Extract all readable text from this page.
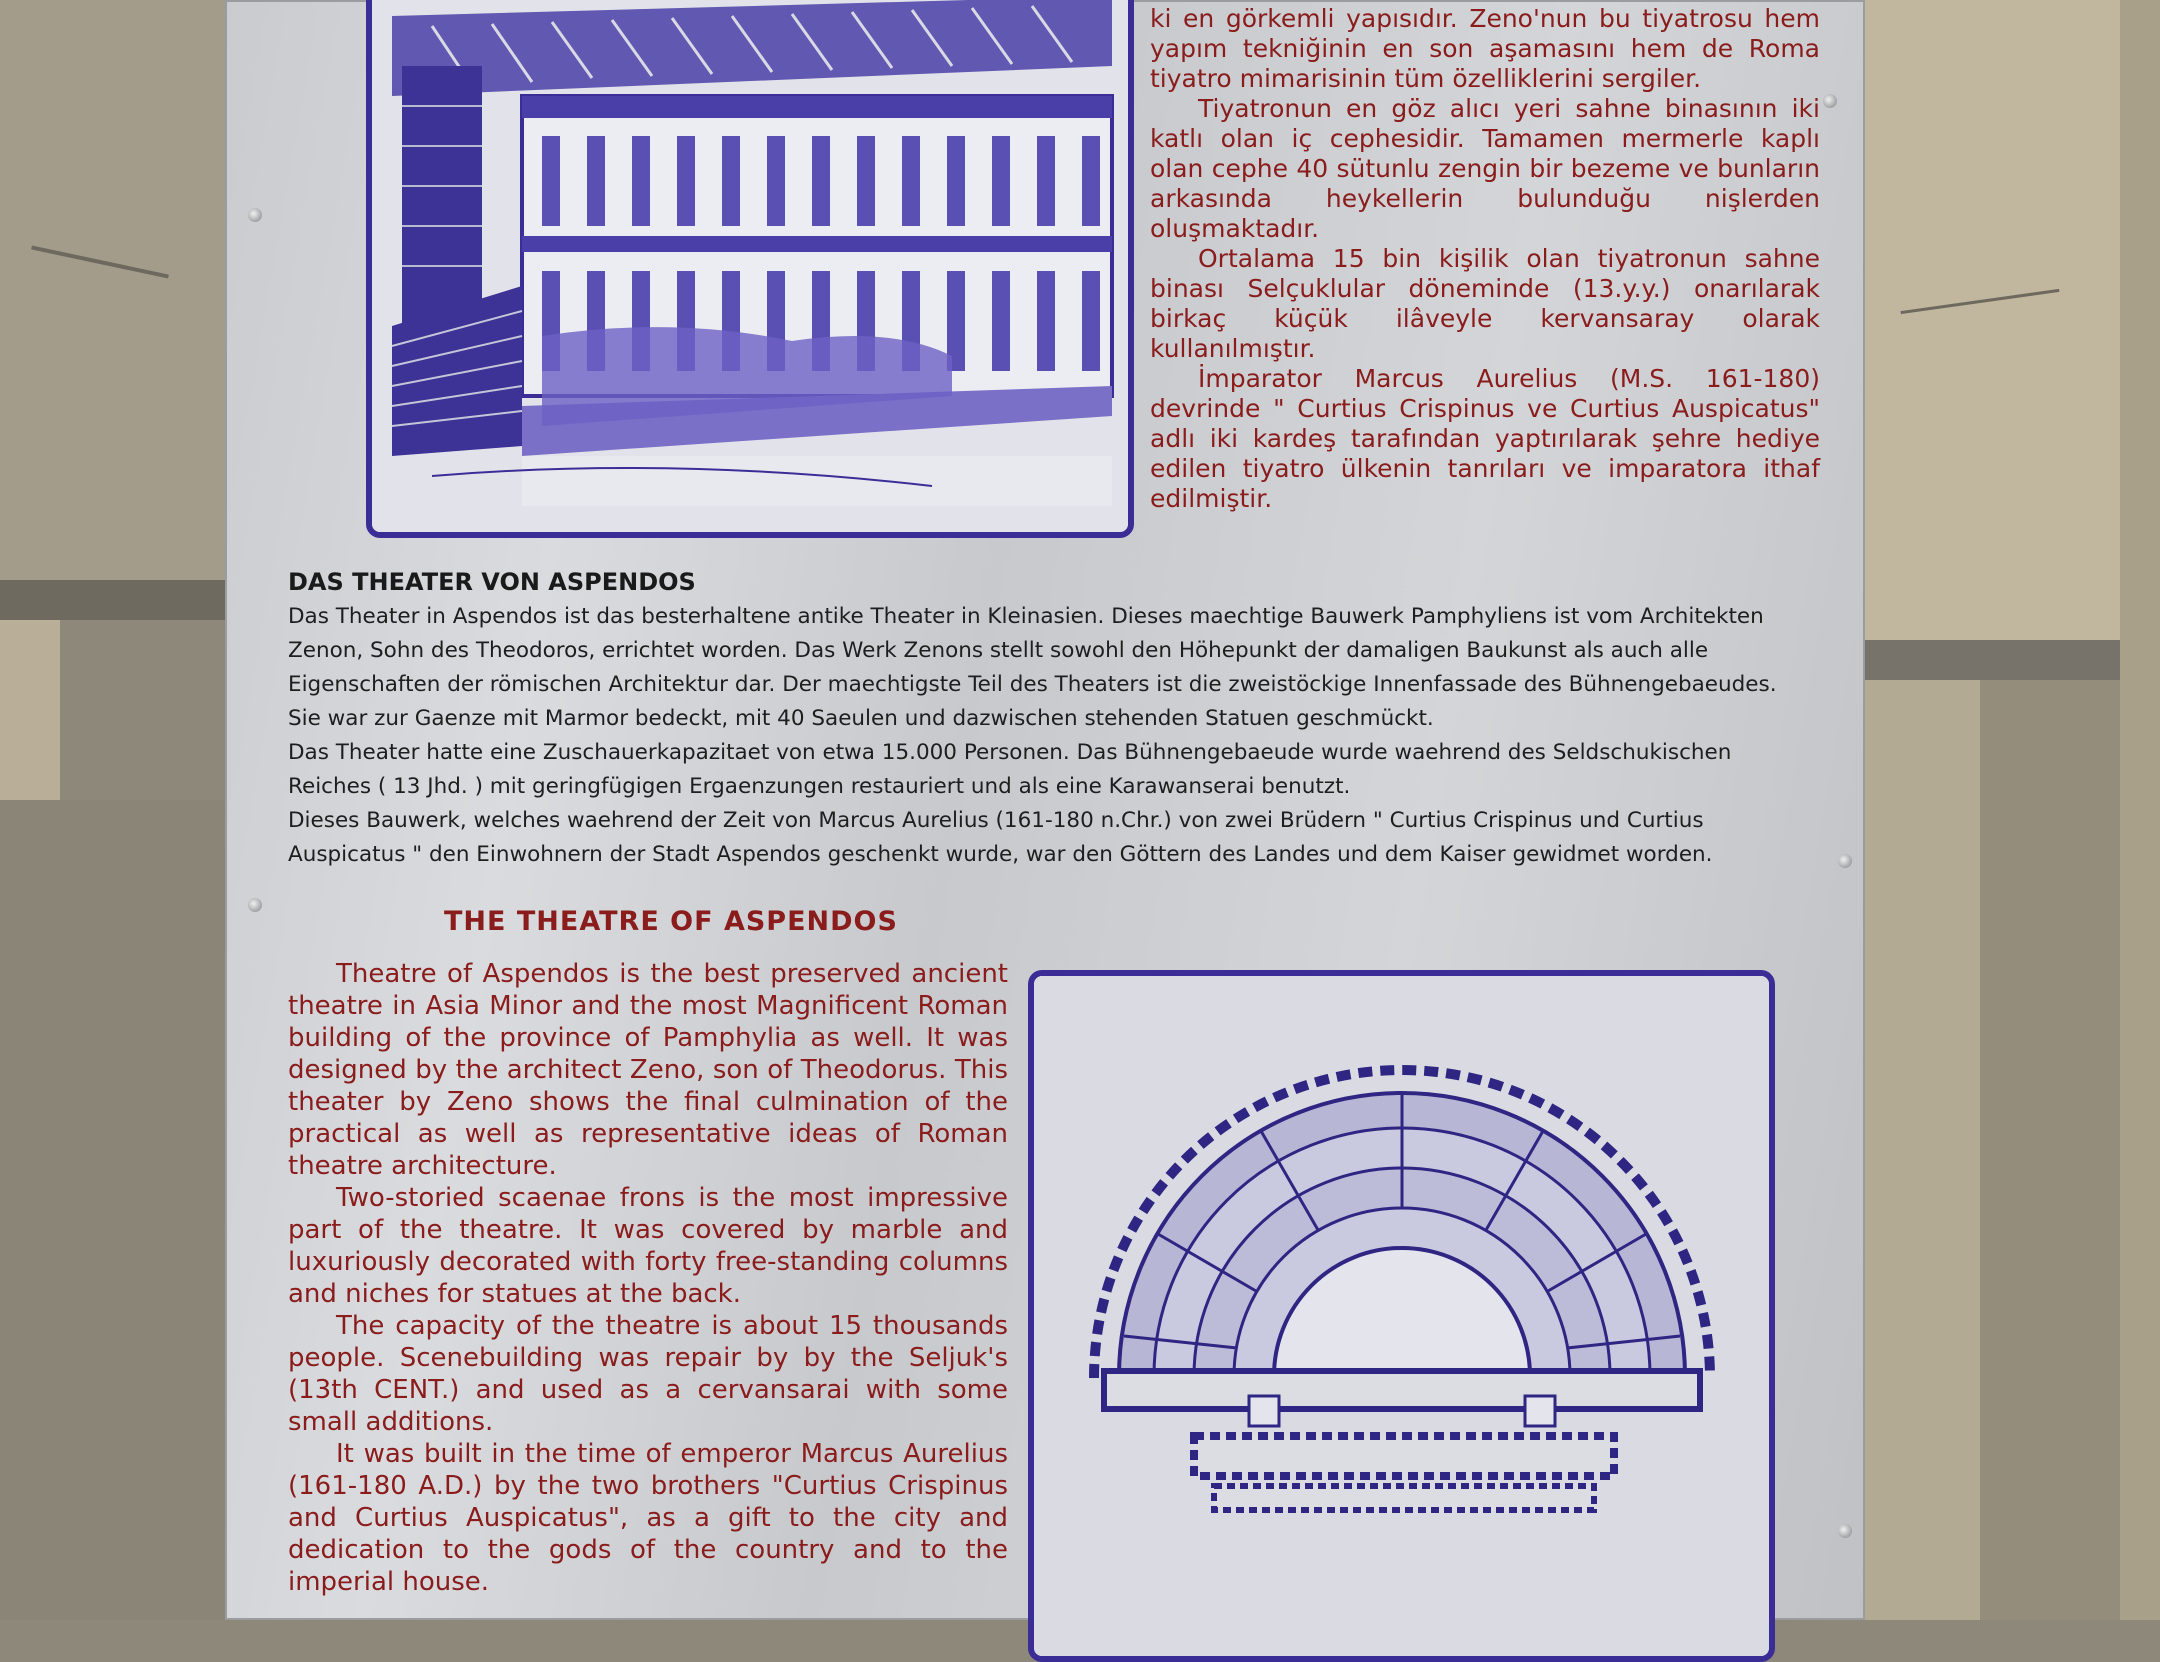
ki en görkemli yapısıdır. Zeno'nun bu tiyatrosu hem yapım tekniğinin en son aşamasını hem de Roma tiyatro mimarisinin tüm özelliklerini sergiler.

Tiyatronun en göz alıcı yeri sahne binasının iki katlı olan iç cephesidir. Tamamen mermerle kaplı olan cephe 40 sütunlu zengin bir bezeme ve bunların arkasında heykellerin bulunduğu nişlerden oluşmaktadır.

Ortalama 15 bin kişilik olan tiyatronun sahne binası Selçuklular döneminde (13.y.y.) onarılarak birkaç küçük ilâveyle kervansaray olarak kullanılmıştır.

İmparator Marcus Aurelius (M.S. 161-180) devrinde " Curtius Crispinus ve Curtius Auspicatus" adlı iki kardeş tarafından yaptırılarak şehre hediye edilen tiyatro ülkenin tanrıları ve imparatora ithaf edilmiştir.

DAS THEATER VON ASPENDOS
Das Theater in Aspendos ist das besterhaltene antike Theater in Kleinasien. Dieses maechtige Bauwerk Pamphyliens ist vom Architekten Zenon, Sohn des Theodoros, errichtet worden. Das Werk Zenons stellt sowohl den Höhepunkt der damaligen Baukunst als auch alle Eigenschaften der römischen Architektur dar. Der maechtigste Teil des Theaters ist die zweistöckige Innenfassade des Bühnengebaeudes. Sie war zur Gaenze mit Marmor bedeckt, mit 40 Saeulen und dazwischen stehenden Statuen geschmückt.
Das Theater hatte eine Zuschauerkapazitaet von etwa 15.000 Personen. Das Bühnengebaeude wurde waehrend des Seldschukischen Reiches ( 13 Jhd. ) mit geringfügigen Ergaenzungen restauriert und als eine Karawanserai benutzt.
Dieses Bauwerk, welches waehrend der Zeit von Marcus Aurelius (161-180 n.Chr.) von zwei Brüdern " Curtius Crispinus und Curtius Auspicatus " den Einwohnern der Stadt Aspendos geschenkt wurde, war den Göttern des Landes und dem Kaiser gewidmet worden.
THE THEATRE OF ASPENDOS

Theatre of Aspendos is the best preserved ancient theatre in Asia Minor and the most Magnificent Roman building of the province of Pamphylia as well. It was designed by the architect Zeno, son of Theodorus. This theater by Zeno shows the final culmination of the practical as well as representative ideas of Roman theatre architecture.

Two-storied scaenae frons is the most impressive part of the theatre. It was covered by marble and luxuriously decorated with forty free-standing columns and niches for statues at the back.

The capacity of the theatre is about 15 thousands people. Scenebuilding was repair by by the Seljuk's (13th CENT.) and used as a cervansarai with some small additions.

It was built in the time of emperor Marcus Aurelius (161-180 A.D.) by the two brothers "Curtius Crispinus and Curtius Auspicatus", as a gift to the city and dedication to the gods of the country and to the imperial house.
